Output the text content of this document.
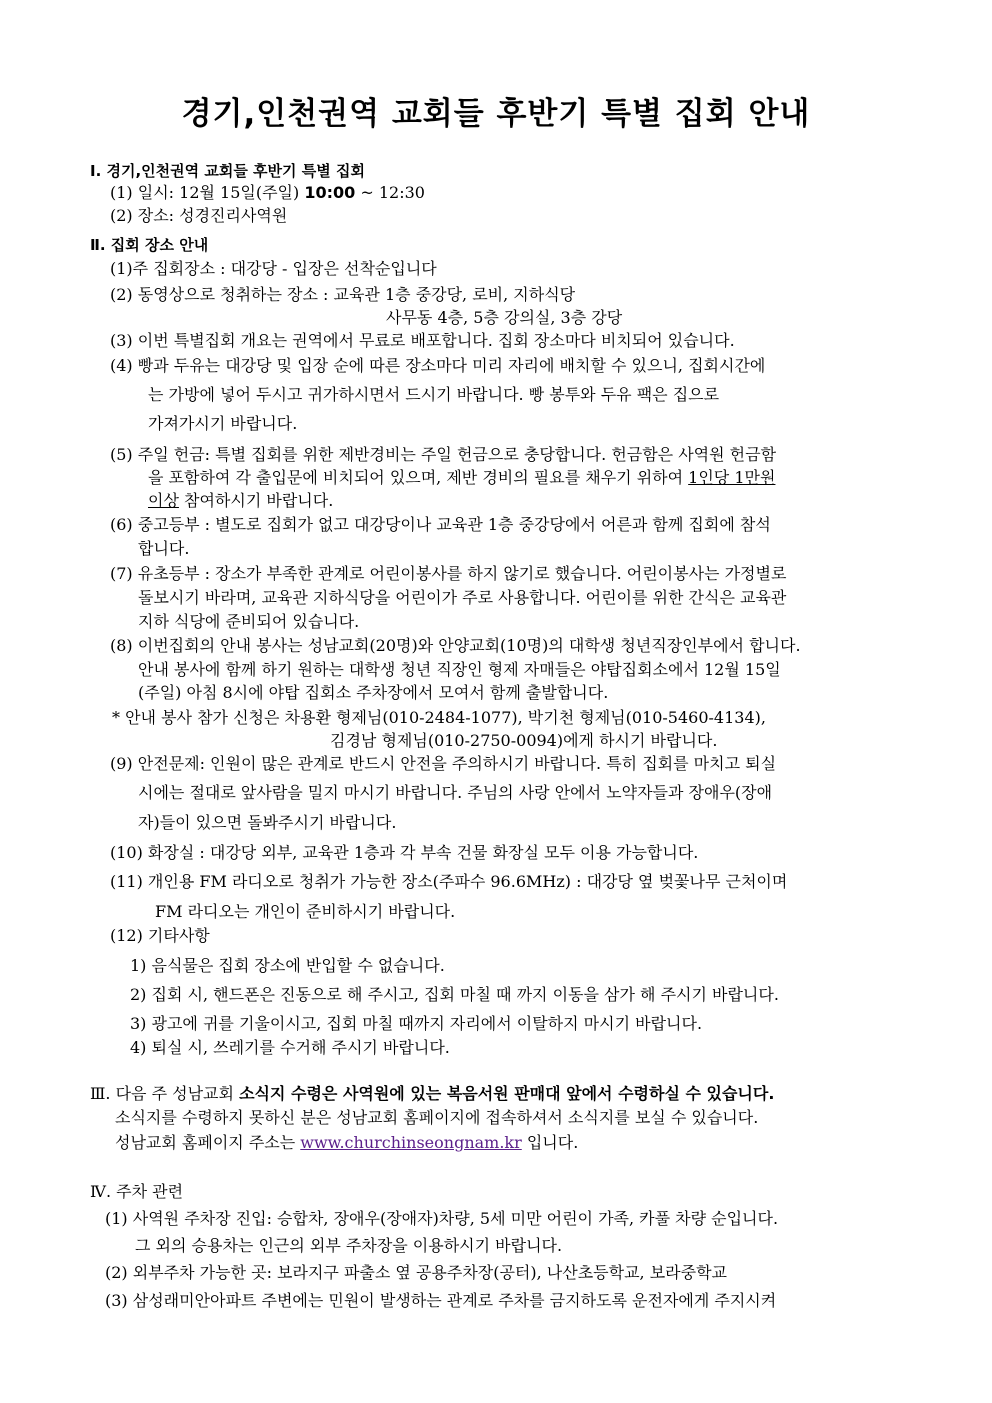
경기,인천권역 교회들 후반기 특별 집회 안내
Ⅰ. 경기,인천권역 교회들 후반기 특별 집회
(1) 일시: 12월 15일(주일) 10:00 ~ 12:30
(2) 장소: 성경진리사역원
Ⅱ. 집회 장소 안내
(1)주 집회장소 : 대강당 - 입장은 선착순입니다
(2) 동영상으로 청취하는 장소 : 교육관 1층 중강당, 로비, 지하식당
사무동 4층, 5층 강의실, 3층 강당
(3) 이번 특별집회 개요는 권역에서 무료로 배포합니다. 집회 장소마다 비치되어 있습니다.
(4) 빵과 두유는 대강당 및 입장 순에 따른 장소마다 미리 자리에 배치할 수 있으니, 집회시간에
는 가방에 넣어 두시고 귀가하시면서 드시기 바랍니다. 빵 봉투와 두유 팩은 집으로
가져가시기 바랍니다.
(5) 주일 헌금: 특별 집회를 위한 제반경비는 주일 헌금으로 충당합니다. 헌금함은 사역원 헌금함
을 포함하여 각 출입문에 비치되어 있으며, 제반 경비의 필요를 채우기 위하여 1인당 1만원
이상 참여하시기 바랍니다.
(6) 중고등부 : 별도로 집회가 없고 대강당이나 교육관 1층 중강당에서 어른과 함께 집회에 참석
합니다.
(7) 유초등부 : 장소가 부족한 관계로 어린이봉사를 하지 않기로 했습니다. 어린이봉사는 가정별로
돌보시기 바라며, 교육관 지하식당을 어린이가 주로 사용합니다. 어린이를 위한 간식은 교육관
지하 식당에 준비되어 있습니다.
(8) 이번집회의 안내 봉사는 성남교회(20명)와 안양교회(10명)의 대학생 청년직장인부에서 합니다.
안내 봉사에 함께 하기 원하는 대학생 청년 직장인 형제 자매들은 야탑집회소에서 12월 15일
(주일) 아침 8시에 야탑 집회소 주차장에서 모여서 함께 출발합니다.
* 안내 봉사 참가 신청은 차용환 형제님(010-2484-1077), 박기천 형제님(010-5460-4134),
김경남 형제님(010-2750-0094)에게 하시기 바랍니다.
(9) 안전문제: 인원이 많은 관계로 반드시 안전을 주의하시기 바랍니다. 특히 집회를 마치고 퇴실
시에는 절대로 앞사람을 밀지 마시기 바랍니다. 주님의 사랑 안에서 노약자들과 장애우(장애
자)들이 있으면 돌봐주시기 바랍니다.
(10) 화장실 : 대강당 외부, 교육관 1층과 각 부속 건물 화장실 모두 이용 가능합니다.
(11) 개인용 FM 라디오로 청취가 가능한 장소(주파수 96.6MHz) : 대강당 옆 벚꽃나무 근처이며
FM 라디오는 개인이 준비하시기 바랍니다.
(12) 기타사항
1) 음식물은 집회 장소에 반입할 수 없습니다.
2) 집회 시, 핸드폰은 진동으로 해 주시고, 집회 마칠 때 까지 이동을 삼가 해 주시기 바랍니다.
3) 광고에 귀를 기울이시고, 집회 마칠 때까지 자리에서 이탈하지 마시기 바랍니다.
4) 퇴실 시, 쓰레기를 수거해 주시기 바랍니다.
Ⅲ. 다음 주 성남교회 소식지 수령은 사역원에 있는 복음서원 판매대 앞에서 수령하실 수 있습니다.
소식지를 수령하지 못하신 분은 성남교회 홈페이지에 접속하셔서 소식지를 보실 수 있습니다.
성남교회 홈페이지 주소는 www.churchinseongnam.kr 입니다.
Ⅳ. 주차 관련
(1) 사역원 주차장 진입: 승합차, 장애우(장애자)차량, 5세 미만 어린이 가족, 카풀 차량 순입니다.
그 외의 승용차는 인근의 외부 주차장을 이용하시기 바랍니다.
(2) 외부주차 가능한 곳: 보라지구 파출소 옆 공용주차장(공터), 나산초등학교, 보라중학교
(3) 삼성래미안아파트 주변에는 민원이 발생하는 관계로 주차를 금지하도록 운전자에게 주지시켜
